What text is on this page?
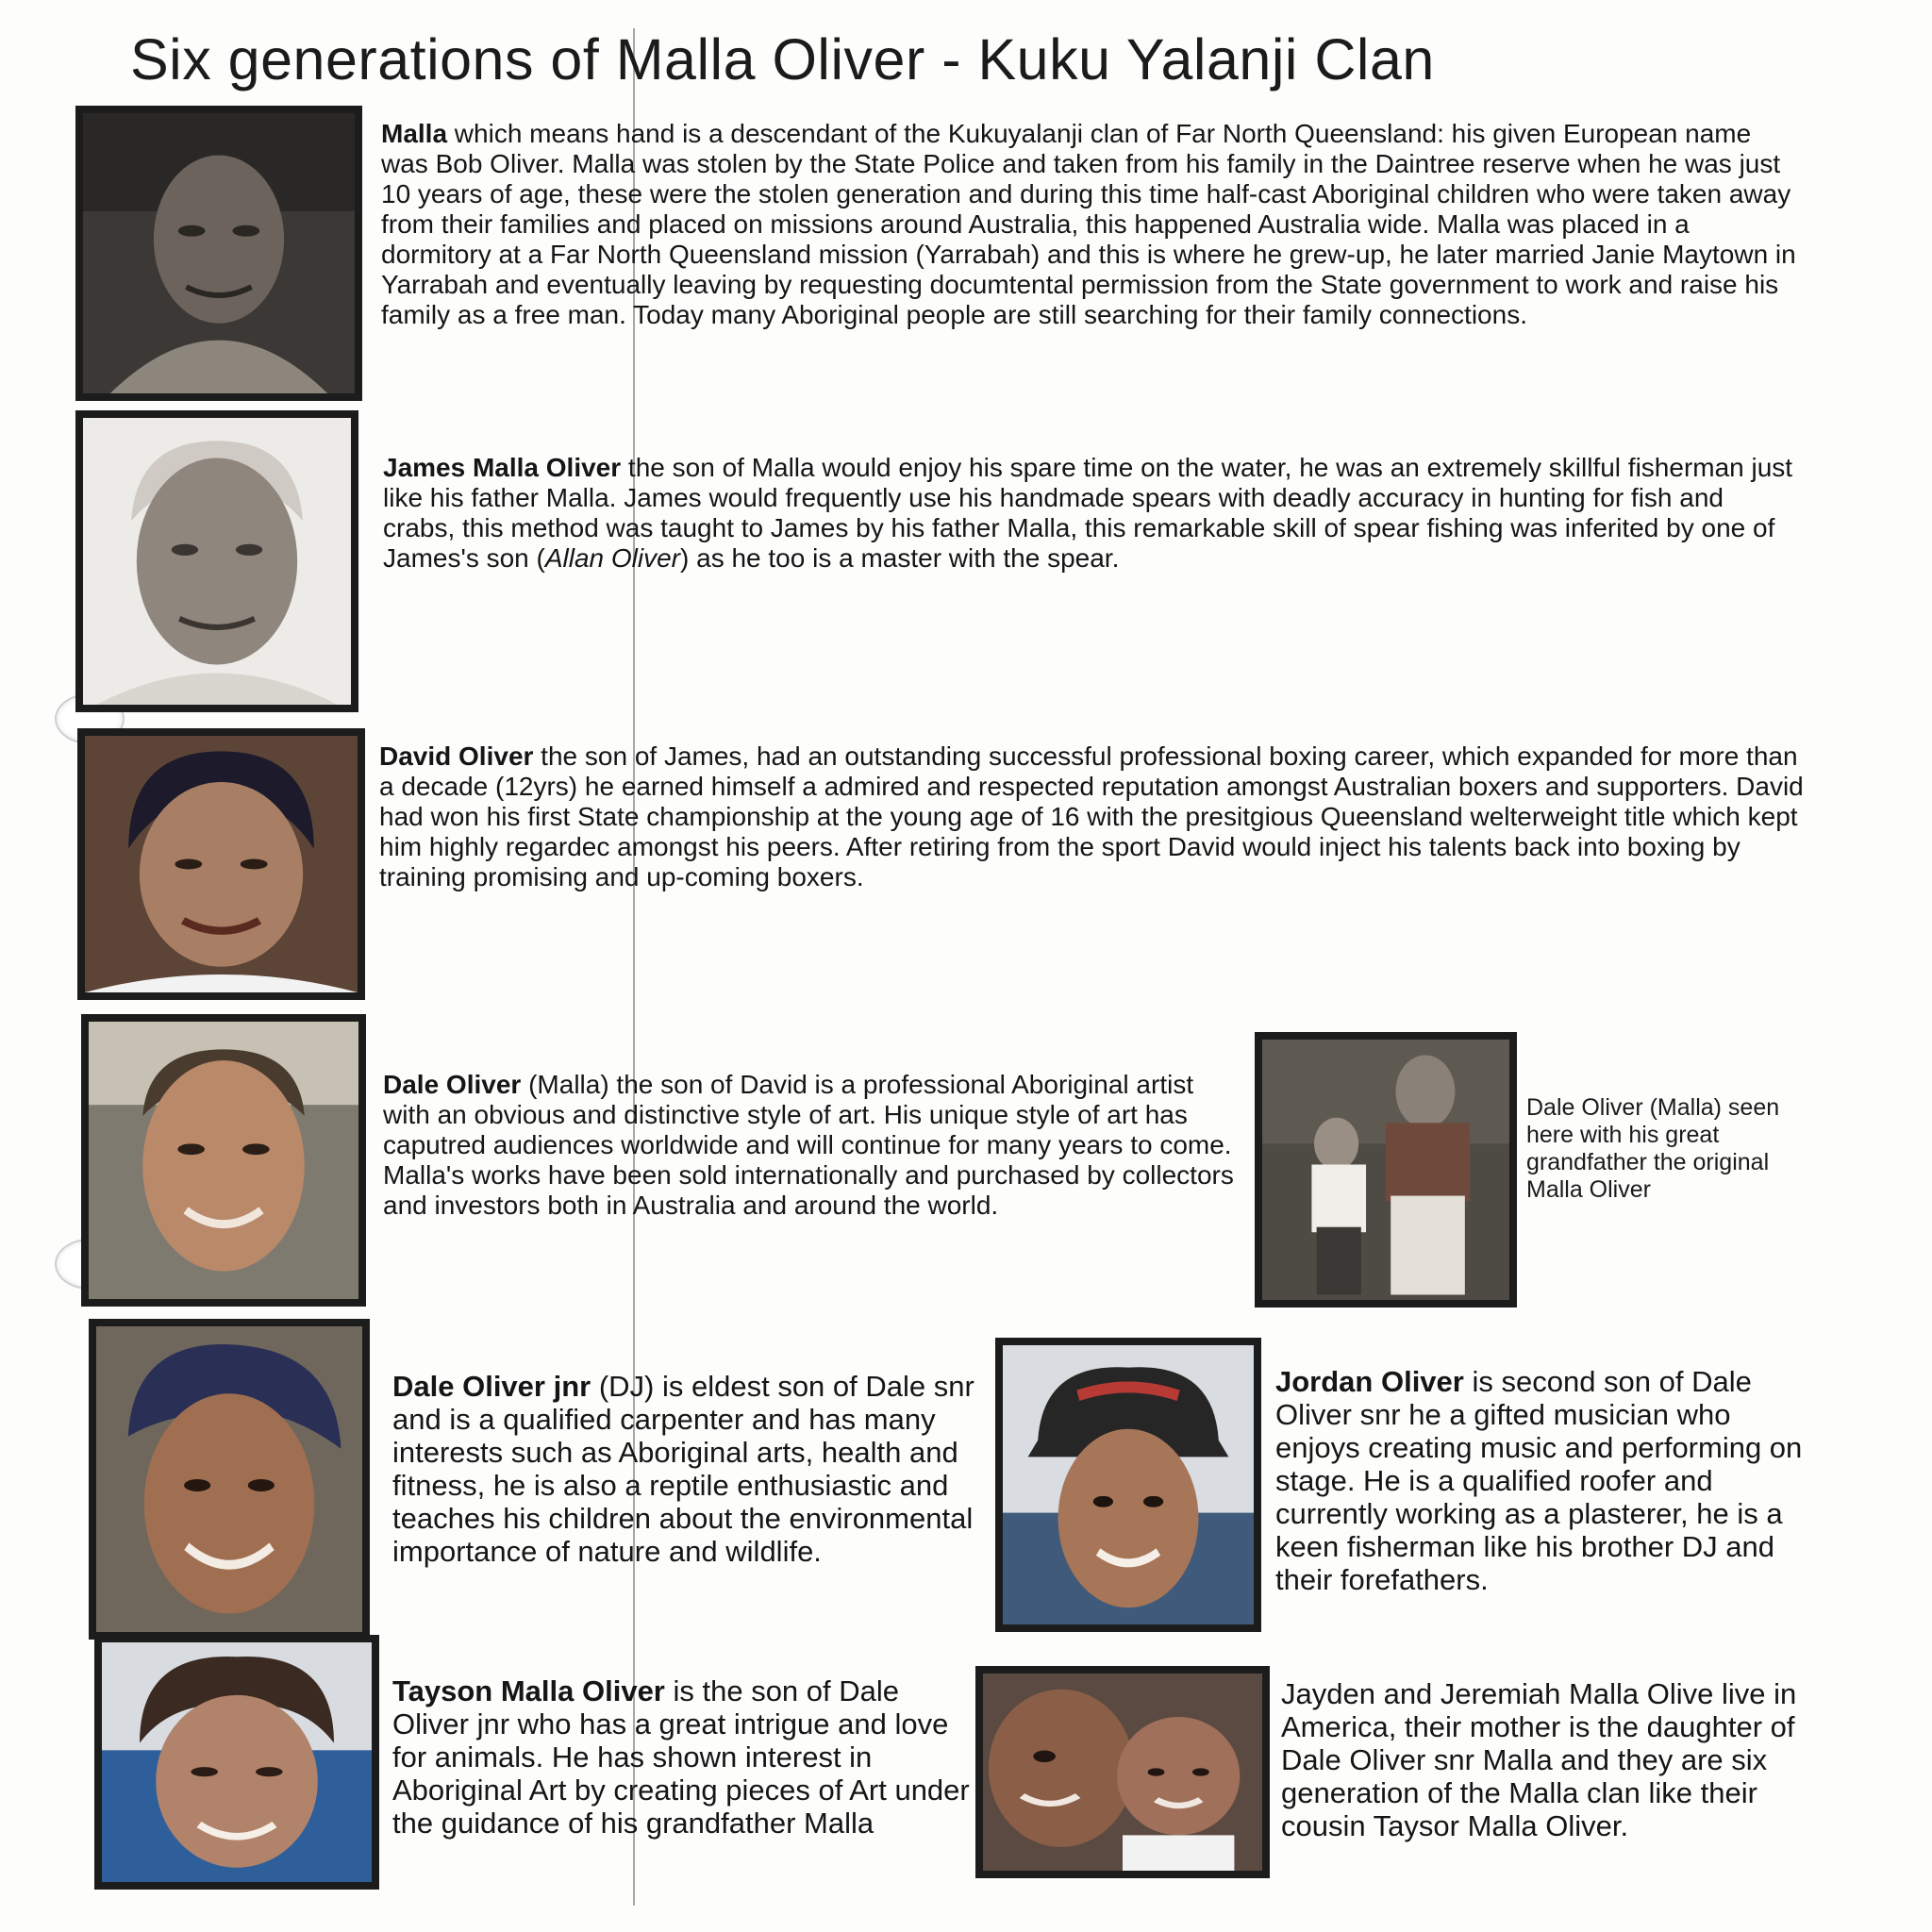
Six generations of Malla Oliver - Kuku Yalanji Clan
Malla which means hand is a descendant of the Kukuyalanji clan of Far North Queensland: his given European name was Bob Oliver. Malla was stolen by the State Police and taken from his family in the Daintree reserve when he was just 10 years of age, these were the stolen generation and during this time half-cast Aboriginal children who were taken away from their families and placed on missions around Australia, this happened Australia wide. Malla was placed in a dormitory at a Far North Queensland mission (Yarrabah) and this is where he grew-up, he later married Janie Maytown in Yarrabah and eventually leaving by requesting documtental permission from the State government to work and raise his family as a free man. Today many Aboriginal people are still searching for their family connections.
James Malla Oliver the son of Malla would enjoy his spare time on the water, he was an extremely skillful fisherman just like his father Malla. James would frequently use his handmade spears with deadly accuracy in hunting for fish and crabs, this method was taught to James by his father Malla, this remarkable skill of spear fishing was inferited by one of James's son (Allan Oliver) as he too is a master with the spear.
David Oliver the son of James, had an outstanding successful professional boxing career, which expanded for more than a decade (12yrs) he earned himself a admired and respected reputation amongst Australian boxers and supporters. David had won his first State championship at the young age of 16 with the presitgious Queensland welterweight title which kept him highly regardec amongst his peers. After retiring from the sport David would inject his talents back into boxing by training promising and up-coming boxers.
Dale Oliver (Malla) the son of David is a professional Aboriginal artist with an obvious and distinctive style of art. His unique style of art has caputred audiences worldwide and will continue for many years to come. Malla's works have been sold internationally and purchased by collectors and investors both in Australia and around the world.
Dale Oliver (Malla) seen here with his great grandfather the original Malla Oliver
Dale Oliver jnr (DJ) is eldest son of Dale snr and is a qualified carpenter and has many interests such as Aboriginal arts, health and fitness, he is also a reptile enthusiastic and teaches his children about the environmental importance of nature and wildlife.
Jordan Oliver is second son of Dale Oliver snr he a gifted musician who enjoys creating music and performing on stage. He is a qualified roofer and currently working as a plasterer, he is a keen fisherman like his brother DJ and their forefathers.
Tayson Malla Oliver is the son of Dale Oliver jnr who has a great intrigue and love for animals. He has shown interest in Aboriginal Art by creating pieces of Art under the guidance of his grandfather Malla
Jayden and Jeremiah Malla Olive live in America, their mother is the daughter of Dale Oliver snr Malla and they are six generation of the Malla clan like their cousin Taysor Malla Oliver.
